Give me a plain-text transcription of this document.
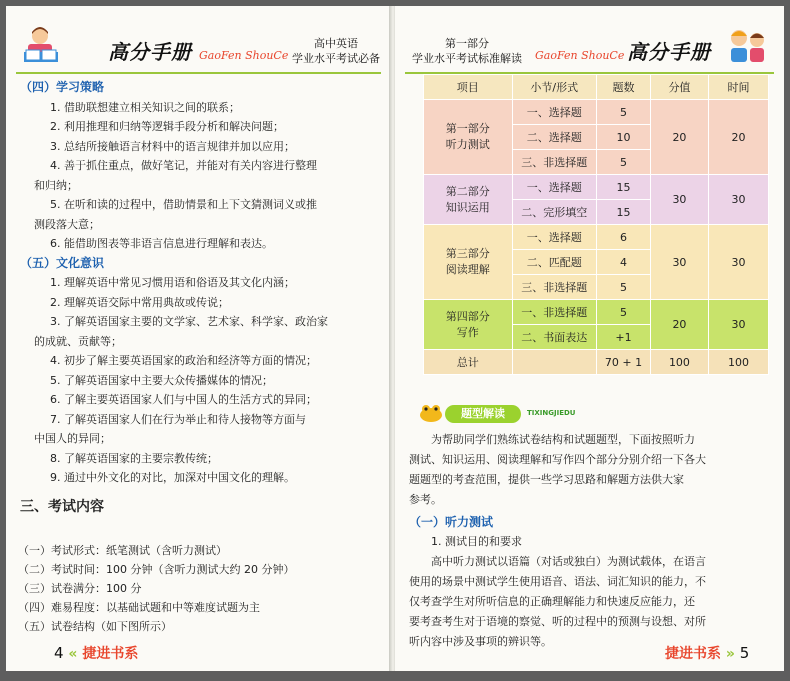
高分手册 GaoFen ShouCe
高中英语
学业水平考试必备
（四）学习策略
1. 借助联想建立相关知识之间的联系；
2. 利用推理和归纳等逻辑手段分析和解决问题；
3. 总结所接触语言材料中的语言规律并加以应用；
4. 善于抓住重点，做好笔记，并能对有关内容进行整理
和归纳；
5. 在听和读的过程中，借助情景和上下文猜测词义或推
测段落大意；
6. 能借助图表等非语言信息进行理解和表达。
（五）文化意识
1. 理解英语中常见习惯用语和俗语及其文化内涵；
2. 理解英语交际中常用典故或传说；
3. 了解英语国家主要的文学家、艺术家、科学家、政治家
的成就、贡献等；
4. 初步了解主要英语国家的政治和经济等方面的情况；
5. 了解英语国家中主要大众传播媒体的情况；
6. 了解主要英语国家人们与中国人的生活方式的异同；
7. 了解英语国家人们在行为举止和待人接物等方面与
中国人的异同；
8. 了解英语国家的主要宗教传统；
9. 通过中外文化的对比，加深对中国文化的理解。
三、考试内容
（一）考试形式：纸笔测试（含听力测试）
（二）考试时间：100 分钟（含听力测试大约 20 分钟）
（三）试卷满分：100 分
（四）难易程度：以基础试题和中等难度试题为主
（五）试卷结构（如下图所示）
4 « 捷进书系
第一部分
学业水平考试标准解读	GaoFen ShouCe 高分手册
项目	小节/形式	题数	分值	时间

第一部分
听力测试	一、选择题	5	20	20
	二、选择题	10		
	三、非选择题	5		

第二部分
知识运用	一、选择题	15	30	30
	二、完形填空	15		

第三部分
阅读理解	一、选择题	6	30	30
	二、匹配题	4		
	三、非选择题	5		

第四部分
写作	一、非选择题	5	20	30
	二、书面表达	+1		
总计		70 + 1	100	100
题型解读	TIXINGJIEDU
为帮助同学们熟练试卷结构和试题题型，下面按照听力
测试、知识运用、阅读理解和写作四个部分分别介绍一下各大
题题型的考查范围，提供一些学习思路和解题方法供大家
参考。
（一）听力测试
1. 测试目的和要求
高中听力测试以语篇（对话或独白）为测试载体，在语言
使用的场景中测试学生使用语音、语法、词汇知识的能力，不
仅考查学生对所听信息的正确理解能力和快速反应能力，还
要考查考生对于语境的察觉、听的过程中的预测与设想、对所
听内容中涉及事项的辨识等。
捷进书系 » 5
